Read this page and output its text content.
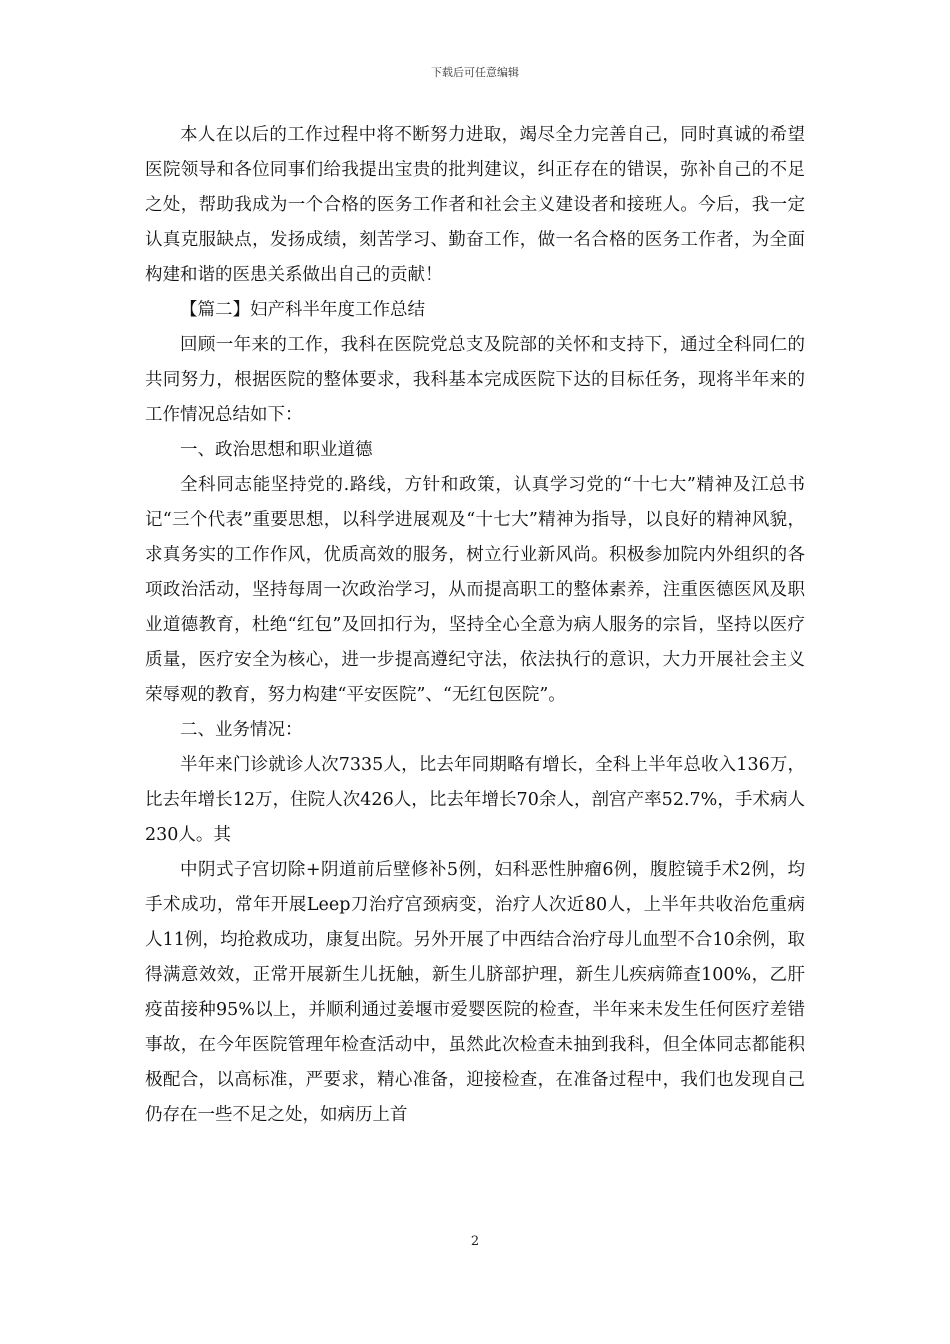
下载后可任意编辑

本人在以后的工作过程中将不断努力进取，竭尽全力完善自己，同时真诚的希望医院领导和各位同事们给我提出宝贵的批判建议，纠正存在的错误，弥补自己的不足之处，帮助我成为一个合格的医务工作者和社会主义建设者和接班人。今后，我一定认真克服缺点，发扬成绩，刻苦学习、勤奋工作，做一名合格的医务工作者，为全面构建和谐的医患关系做出自己的贡献！

【篇二】妇产科半年度工作总结

回顾一年来的工作，我科在医院党总支及院部的关怀和支持下，通过全科同仁的共同努力，根据医院的整体要求，我科基本完成医院下达的目标任务，现将半年来的工作情况总结如下：

一、政治思想和职业道德

全科同志能坚持党的.路线，方针和政策，认真学习党的“十七大”精神及江总书记“三个代表”重要思想，以科学进展观及“十七大”精神为指导，以良好的精神风貌，求真务实的工作作风，优质高效的服务，树立行业新风尚。积极参加院内外组织的各项政治活动，坚持每周一次政治学习，从而提高职工的整体素养，注重医德医风及职业道德教育，杜绝“红包”及回扣行为，坚持全心全意为病人服务的宗旨，坚持以医疗质量，医疗安全为核心，进一步提高遵纪守法，依法执行的意识，大力开展社会主义荣辱观的教育，努力构建“平安医院”、“无红包医院”。

二、业务情况：

半年来门诊就诊人次7335人，比去年同期略有增长，全科上半年总收入136万，比去年增长12万，住院人次426人，比去年增长70余人，剖宫产率52.7%，手术病人230人。其

中阴式子宫切除+阴道前后壁修补5例，妇科恶性肿瘤6例，腹腔镜手术2例，均手术成功，常年开展Leep刀治疗宫颈病变，治疗人次近80人，上半年共收治危重病人11例，均抢救成功，康复出院。另外开展了中西结合治疗母儿血型不合10余例，取得满意效效，正常开展新生儿抚触，新生儿脐部护理，新生儿疾病筛查100%，乙肝疫苗接种95%以上，并顺利通过姜堰市爱婴医院的检查，半年来未发生任何医疗差错事故，在今年医院管理年检查活动中，虽然此次检查未抽到我科，但全体同志都能积极配合，以高标准，严要求，精心准备，迎接检查，在准备过程中，我们也发现自己仍存在一些不足之处，如病历上首

2
